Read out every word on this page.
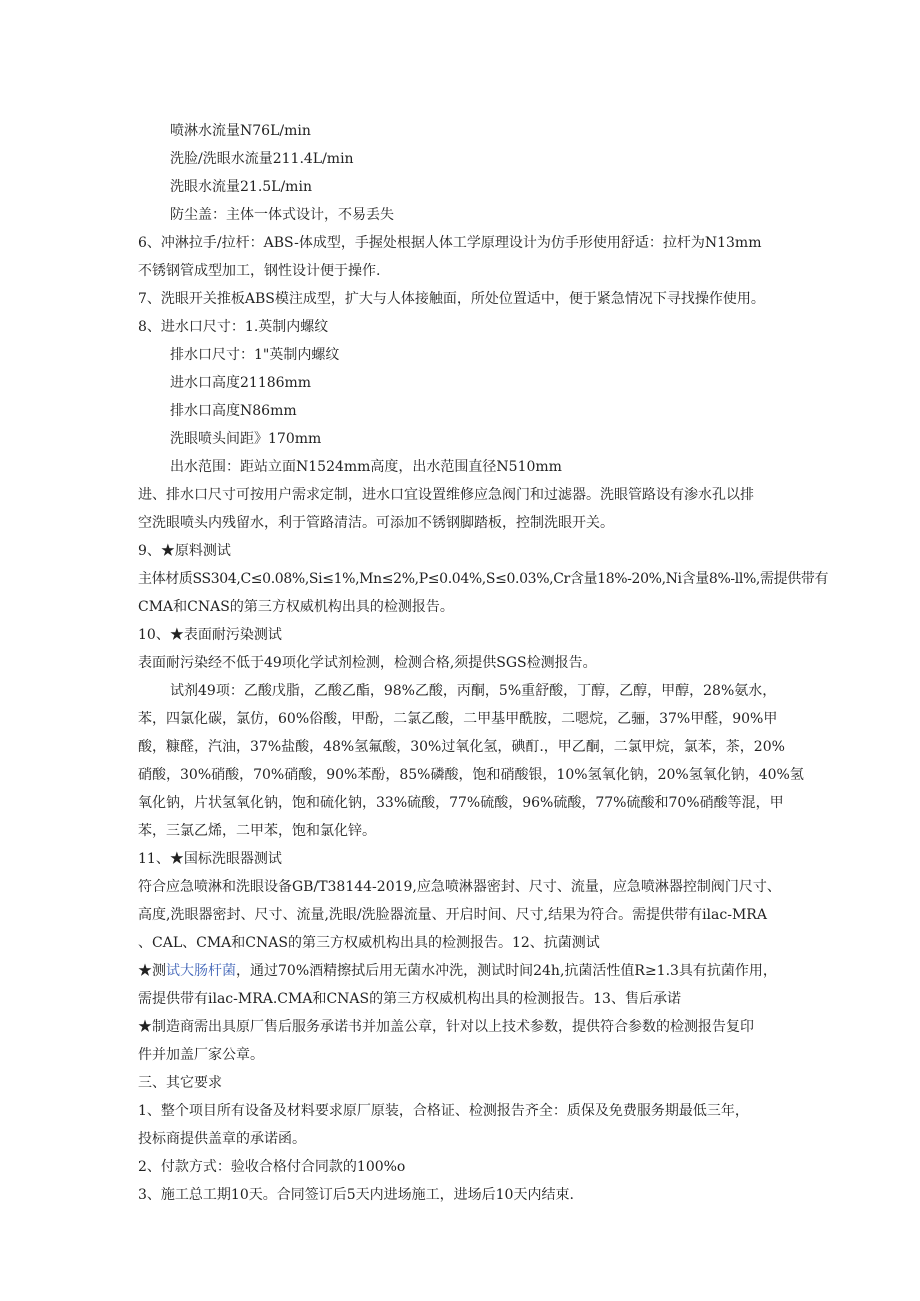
喷淋水流量N76L/min
洗脸/洗眼水流量211.4L/min
洗眼水流量21.5L/min
防尘盖：主体一体式设计，不易丢失
6、冲淋拉手/拉杆：ABS-体成型，手握处根据人体工学原理设计为仿手形使用舒适：拉杆为N13mm
不锈钢管成型加工，钢性设计便于操作.
7、洗眼开关推板ABS模注成型，扩大与人体接触面，所处位置适中，便于紧急情况下寻找操作使用。
8、进水口尺寸：1.英制内螺纹
排水口尺寸：1"英制内螺纹
进水口高度21186mm
排水口高度N86mm
洗眼喷头间距》170mm
出水范围：距站立面N1524mm高度，出水范围直径N510mm
进、排水口尺寸可按用户需求定制，进水口宜设置维修应急阀门和过滤器。洗眼管路设有渗水孔以排
空洗眼喷头内残留水，利于管路清洁。可添加不锈钢脚踏板，控制洗眼开关。
9、★原料测试
主体材质SS304,C≤0.08%,Si≤1%,Mn≤2%,P≤0.04%,S≤0.03%,Cr含量18%-20%,Ni含量8%-ll%,需提供带有
CMA和CNAS的第三方权威机构出具的检测报告。
10、★表面耐污染测试
表面耐污染经不低于49项化学试剂检测，检测合格,须提供SGS检测报告。
试剂49项：乙酸戊脂，乙酸乙酯，98%乙酸，丙酮，5%重舒酸，丁醇，乙醇，甲醇，28%氨水，
苯，四氯化碳，氯仿，60%俗酸，甲酚，二氯乙酸，二甲基甲酰胺，二嗯烷，乙骊，37%甲醛，90%甲
酸，糠醛，汽油，37%盐酸，48%氢氟酸，30%过氧化氢，碘酊.，甲乙酮，二氯甲烷，氯苯，茶，20%
硝酸，30%硝酸，70%硝酸，90%苯酚，85%磷酸，饱和硝酸银，10%氢氧化钠，20%氢氧化钠，40%氢
氧化钠，片状氢氧化钠，饱和硫化钠，33%硫酸，77%硫酸，96%硫酸，77%硫酸和70%硝酸等混，甲
苯，三氯乙烯，二甲苯，饱和氯化锌。
11、★国标洗眼器测试
符合应急喷淋和洗眼设备GB/T38144-2019,应急喷淋器密封、尺寸、流量，应急喷淋器控制阀门尺寸、
高度,洗眼器密封、尺寸、流量,洗眼/洗脸器流量、开启时间、尺寸,结果为符合。需提供带有ilac-MRA
、CAL、CMA和CNAS的第三方权威机构出具的检测报告。12、抗菌测试
★测试大肠杆菌，通过70%酒精擦拭后用无菌水冲洗，测试时间24h,抗菌活性值R≥1.3具有抗菌作用，
需提供带有ilac-MRA.CMA和CNAS的第三方权威机构出具的检测报告。13、售后承诺
★制造商需出具原厂售后服务承诺书并加盖公章，针对以上技术参数，提供符合参数的检测报告复印
件并加盖厂家公章。
三、其它要求
1、整个项目所有设备及材料要求原厂原装，合格证、检测报告齐全：质保及免费服务期最低三年，
投标商提供盖章的承诺函。
2、付款方式：验收合格付合同款的100%o
3、施工总工期10天。合同签订后5天内进场施工，进场后10天内结束.
